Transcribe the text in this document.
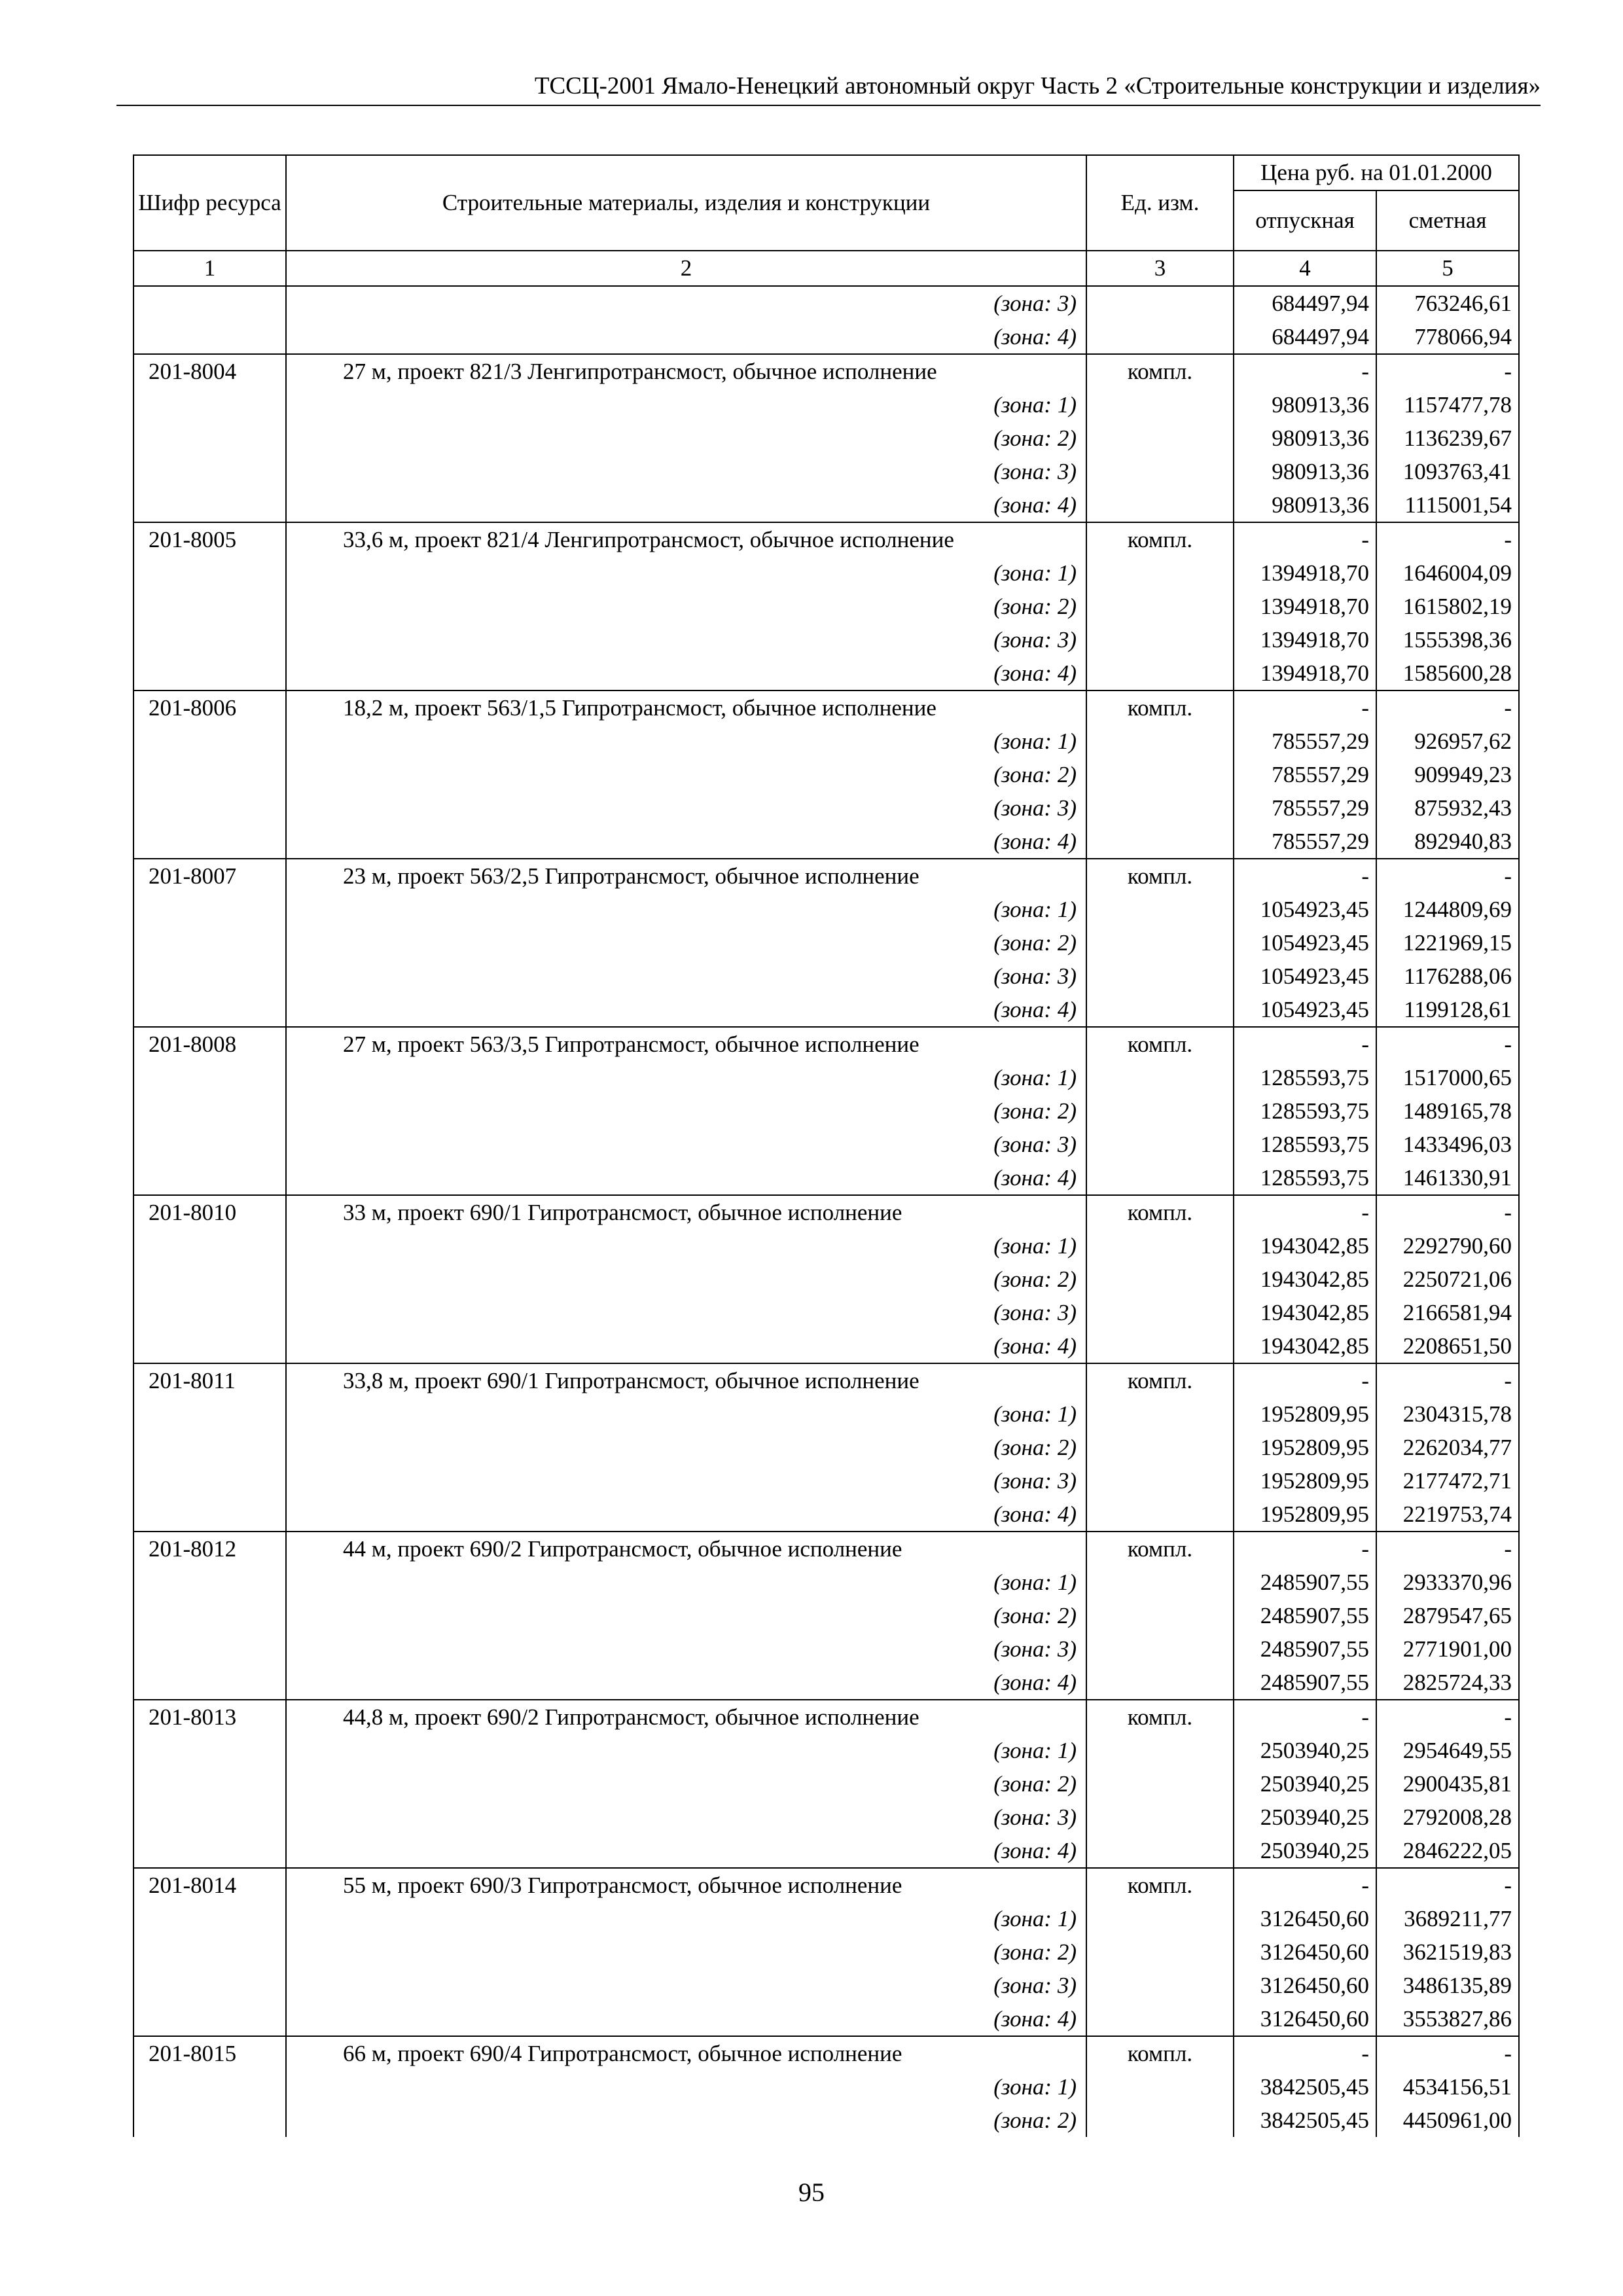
ТССЦ-2001 Ямало-Ненецкий автономный округ Часть 2 «Строительные конструкции и изделия»
Шифр ресурса	Строительные материалы, изделия и конструкции	Ед. изм.	Цена руб. на 01.01.2000	
			отпускная	сметная
1	2	3	4	5
	(зона: 3)		684497,94	763246,61
	(зона: 4)		684497,94	778066,94
201-8004	27 м, проект 821/3 Ленгипротрансмост, обычное исполнение	компл.	-	-
	(зона: 1)		980913,36	1157477,78
	(зона: 2)		980913,36	1136239,67
	(зона: 3)		980913,36	1093763,41
	(зона: 4)		980913,36	1115001,54
201-8005	33,6 м, проект 821/4 Ленгипротрансмост, обычное исполнение	компл.	-	-
	(зона: 1)		1394918,70	1646004,09
	(зона: 2)		1394918,70	1615802,19
	(зона: 3)		1394918,70	1555398,36
	(зона: 4)		1394918,70	1585600,28
201-8006	18,2 м, проект 563/1,5 Гипротрансмост, обычное исполнение	компл.	-	-
	(зона: 1)		785557,29	926957,62
	(зона: 2)		785557,29	909949,23
	(зона: 3)		785557,29	875932,43
	(зона: 4)		785557,29	892940,83
201-8007	23 м, проект 563/2,5 Гипротрансмост, обычное исполнение	компл.	-	-
	(зона: 1)		1054923,45	1244809,69
	(зона: 2)		1054923,45	1221969,15
	(зона: 3)		1054923,45	1176288,06
	(зона: 4)		1054923,45	1199128,61
201-8008	27 м, проект 563/3,5 Гипротрансмост, обычное исполнение	компл.	-	-
	(зона: 1)		1285593,75	1517000,65
	(зона: 2)		1285593,75	1489165,78
	(зона: 3)		1285593,75	1433496,03
	(зона: 4)		1285593,75	1461330,91
201-8010	33 м, проект 690/1 Гипротрансмост, обычное исполнение	компл.	-	-
	(зона: 1)		1943042,85	2292790,60
	(зона: 2)		1943042,85	2250721,06
	(зона: 3)		1943042,85	2166581,94
	(зона: 4)		1943042,85	2208651,50
201-8011	33,8 м, проект 690/1 Гипротрансмост, обычное исполнение	компл.	-	-
	(зона: 1)		1952809,95	2304315,78
	(зона: 2)		1952809,95	2262034,77
	(зона: 3)		1952809,95	2177472,71
	(зона: 4)		1952809,95	2219753,74
201-8012	44 м, проект 690/2 Гипротрансмост, обычное исполнение	компл.	-	-
	(зона: 1)		2485907,55	2933370,96
	(зона: 2)		2485907,55	2879547,65
	(зона: 3)		2485907,55	2771901,00
	(зона: 4)		2485907,55	2825724,33
201-8013	44,8 м, проект 690/2 Гипротрансмост, обычное исполнение	компл.	-	-
	(зона: 1)		2503940,25	2954649,55
	(зона: 2)		2503940,25	2900435,81
	(зона: 3)		2503940,25	2792008,28
	(зона: 4)		2503940,25	2846222,05
201-8014	55 м, проект 690/3 Гипротрансмост, обычное исполнение	компл.	-	-
	(зона: 1)		3126450,60	3689211,77
	(зона: 2)		3126450,60	3621519,83
	(зона: 3)		3126450,60	3486135,89
	(зона: 4)		3126450,60	3553827,86
201-8015	66 м, проект 690/4 Гипротрансмост, обычное исполнение	компл.	-	-
	(зона: 1)		3842505,45	4534156,51
	(зона: 2)		3842505,45	4450961,00
95
